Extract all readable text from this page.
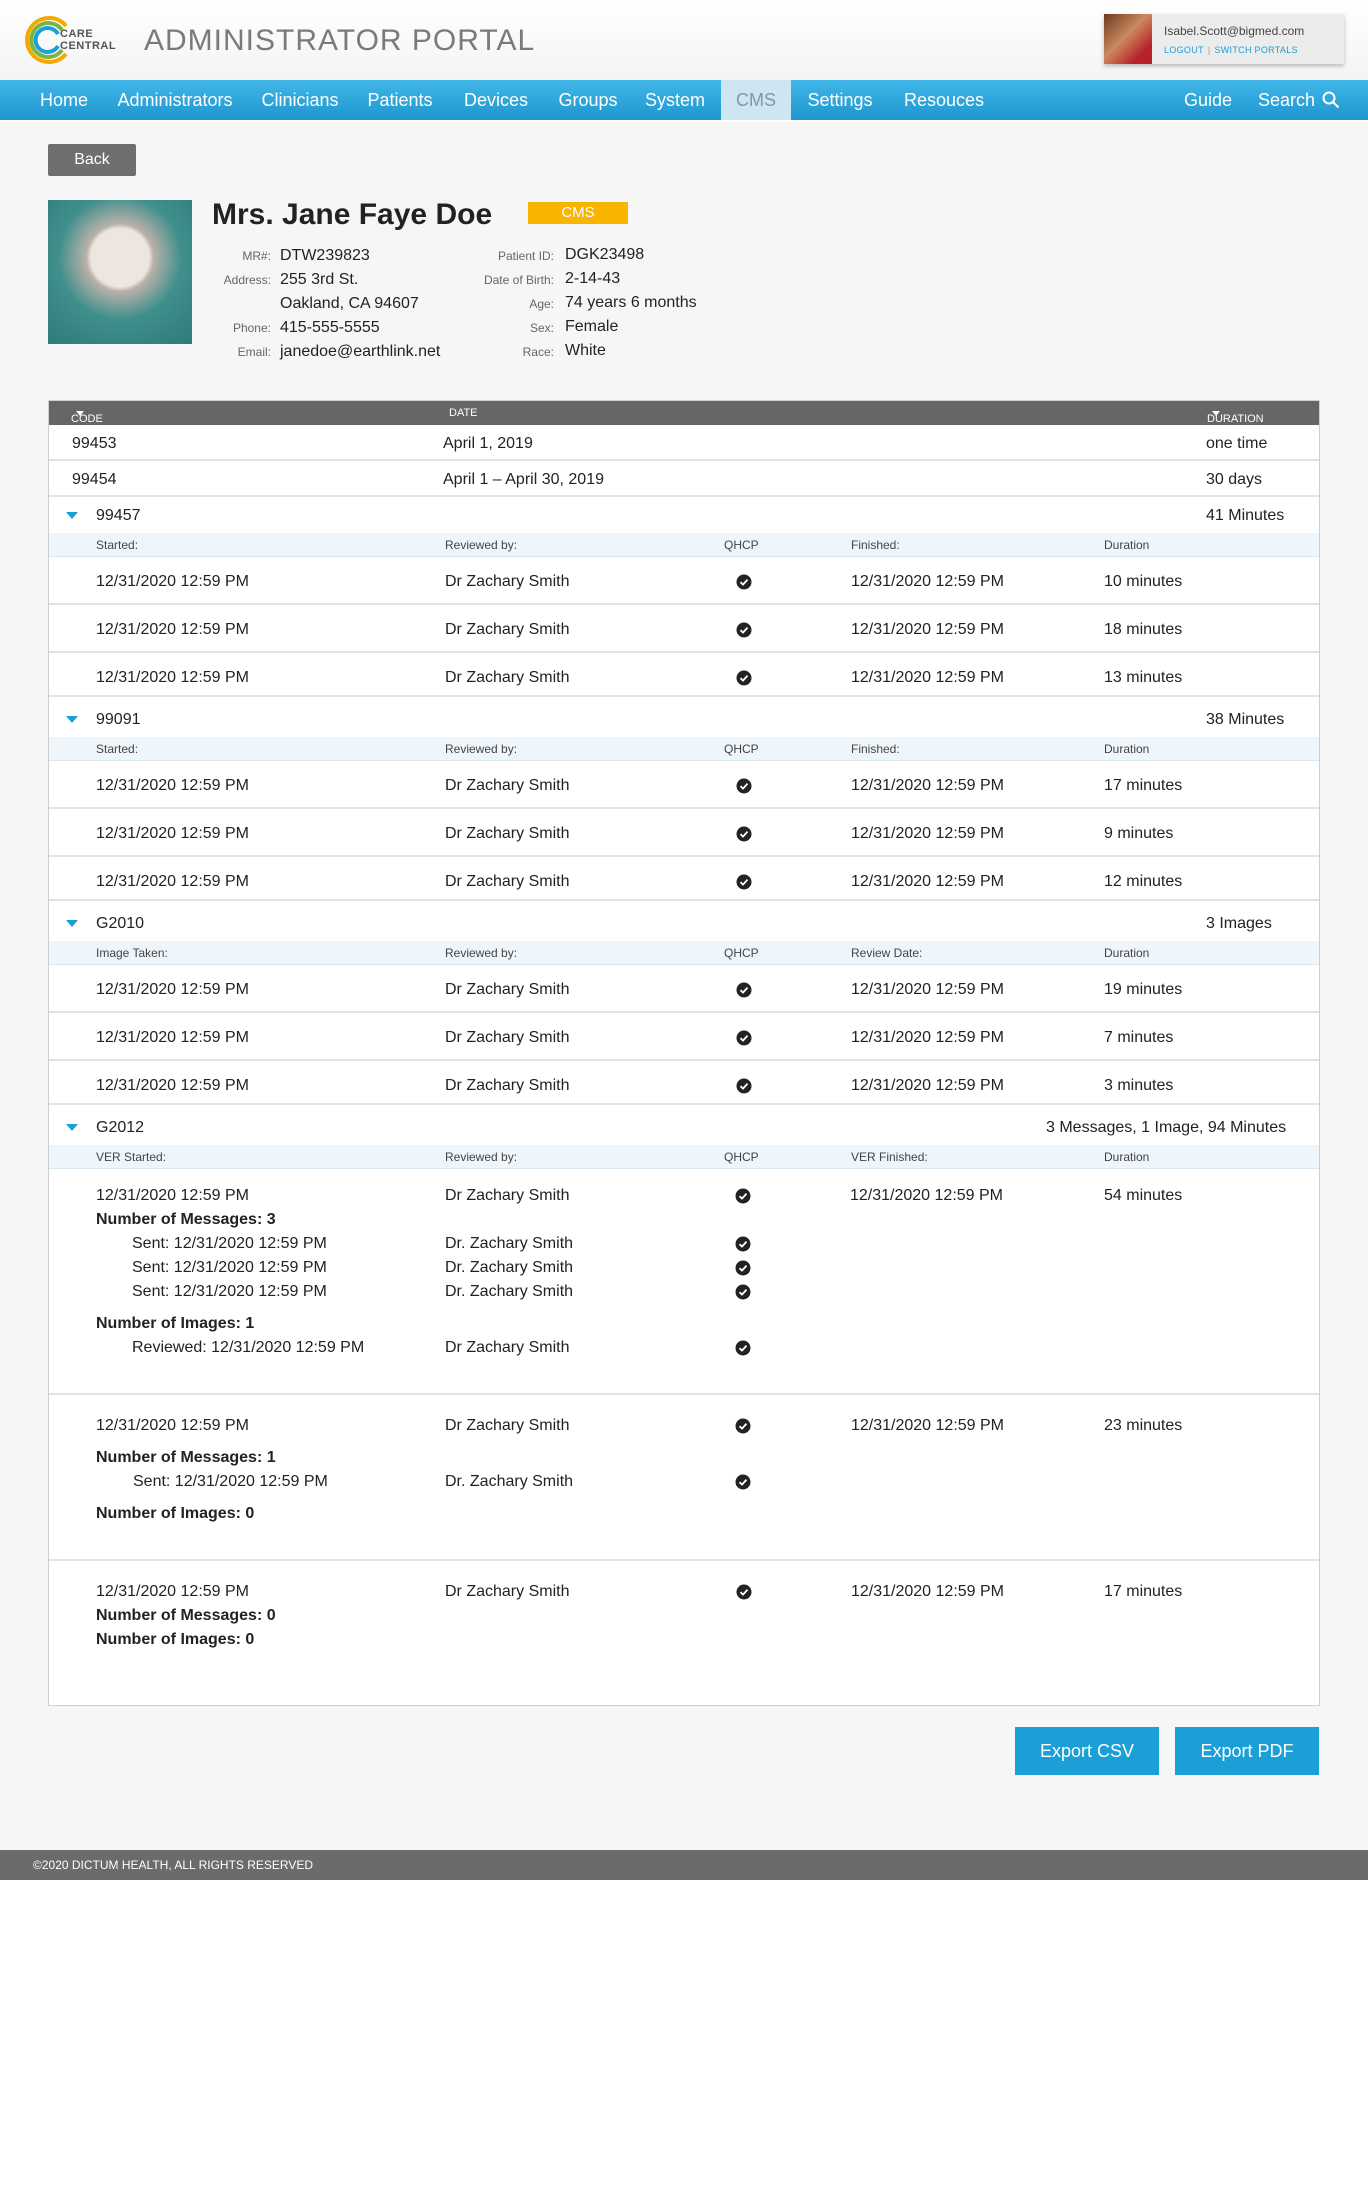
CARE
CENTRAL ADMINISTRATOR PORTAL	Isabel.Scott@bigmed.com
LOGOUT | SWITCH PORTALS
Home	Administrators	Clinicians	Patients	Devices	Groups	System	CMS	Settings	Resouces	Guide Search
Back
Mrs. Jane Faye Doe	CMS
MR#: DTW239823
Address: 255 3rd St.
Oakland, CA 94607
Phone: 415-555-5555
Email: janedoe@earthlink.net
Patient ID: DGK23498
Date of Birth: 2-14-43
Age: 74 years 6 months
Sex: Female
Race: White
CODE	DATE	DURATION
99453	April 1, 2019	one time
99454	April 1 – April 30, 2019	30 days
99457	41 Minutes
Started:	Reviewed by:	QHCP	Finished:	Duration
12/31/2020 12:59 PM	Dr Zachary Smith	12/31/2020 12:59 PM	10 minutes
12/31/2020 12:59 PM	Dr Zachary Smith	12/31/2020 12:59 PM	18 minutes
12/31/2020 12:59 PM	Dr Zachary Smith	12/31/2020 12:59 PM	13 minutes
99091	38 Minutes
Started:	Reviewed by:	QHCP	Finished:	Duration
12/31/2020 12:59 PM	Dr Zachary Smith	12/31/2020 12:59 PM	17 minutes
12/31/2020 12:59 PM	Dr Zachary Smith	12/31/2020 12:59 PM	9 minutes
12/31/2020 12:59 PM	Dr Zachary Smith	12/31/2020 12:59 PM	12 minutes
G2010	3 Images
Image Taken:	Reviewed by:	QHCP	Review Date:	Duration
12/31/2020 12:59 PM	Dr Zachary Smith	12/31/2020 12:59 PM	19 minutes
12/31/2020 12:59 PM	Dr Zachary Smith	12/31/2020 12:59 PM	7 minutes
12/31/2020 12:59 PM	Dr Zachary Smith	12/31/2020 12:59 PM	3 minutes
G2012	3 Messages, 1 Image, 94 Minutes
VER Started:	Reviewed by:	QHCP	VER Finished:	Duration
12/31/2020 12:59 PM	Dr Zachary Smith	12/31/2020 12:59 PM	54 minutes
Number of Messages: 3
Sent: 12/31/2020 12:59 PM	Dr. Zachary Smith
Sent: 12/31/2020 12:59 PM	Dr. Zachary Smith
Sent: 12/31/2020 12:59 PM	Dr. Zachary Smith
Number of Images: 1
Reviewed: 12/31/2020 12:59 PM	Dr Zachary Smith
12/31/2020 12:59 PM	Dr Zachary Smith	12/31/2020 12:59 PM	23 minutes
Number of Messages: 1
Sent: 12/31/2020 12:59 PM	Dr. Zachary Smith
Number of Images: 0
12/31/2020 12:59 PM	Dr Zachary Smith	12/31/2020 12:59 PM	17 minutes
Number of Messages: 0
Number of Images: 0
Export CSV	Export PDF
©2020 DICTUM HEALTH, ALL RIGHTS RESERVED
